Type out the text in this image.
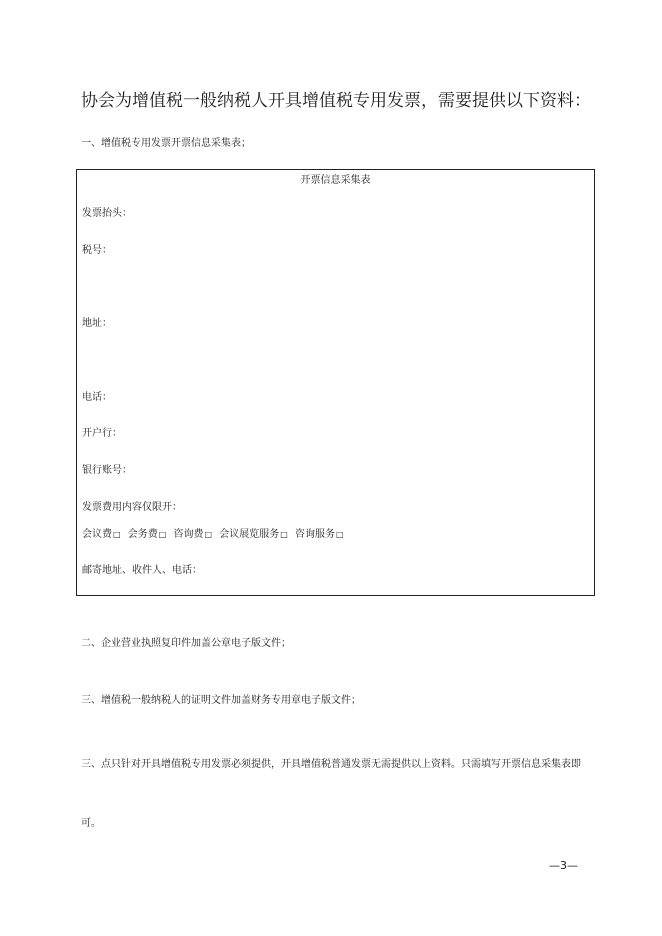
协会为增值税一般纳税人开具增值税专用发票，需要提供以下资料：
一、增值税专用发票开票信息采集表；
开票信息采集表
发票抬头：
税号：
地址：
电话：
开户行：
银行账号：
发票费用内容仅限开：
会议费□ 会务费□ 咨询费□ 会议展览服务□ 咨询服务□
邮寄地址、收件人、电话：
二、企业营业执照复印件加盖公章电子版文件；
三、增值税一般纳税人的证明文件加盖财务专用章电子版文件；
三、点只针对开具增值税专用发票必须提供，开具增值税普通发票无需提供以上资料。只需填写开票信息采集表即
可。
—3—
